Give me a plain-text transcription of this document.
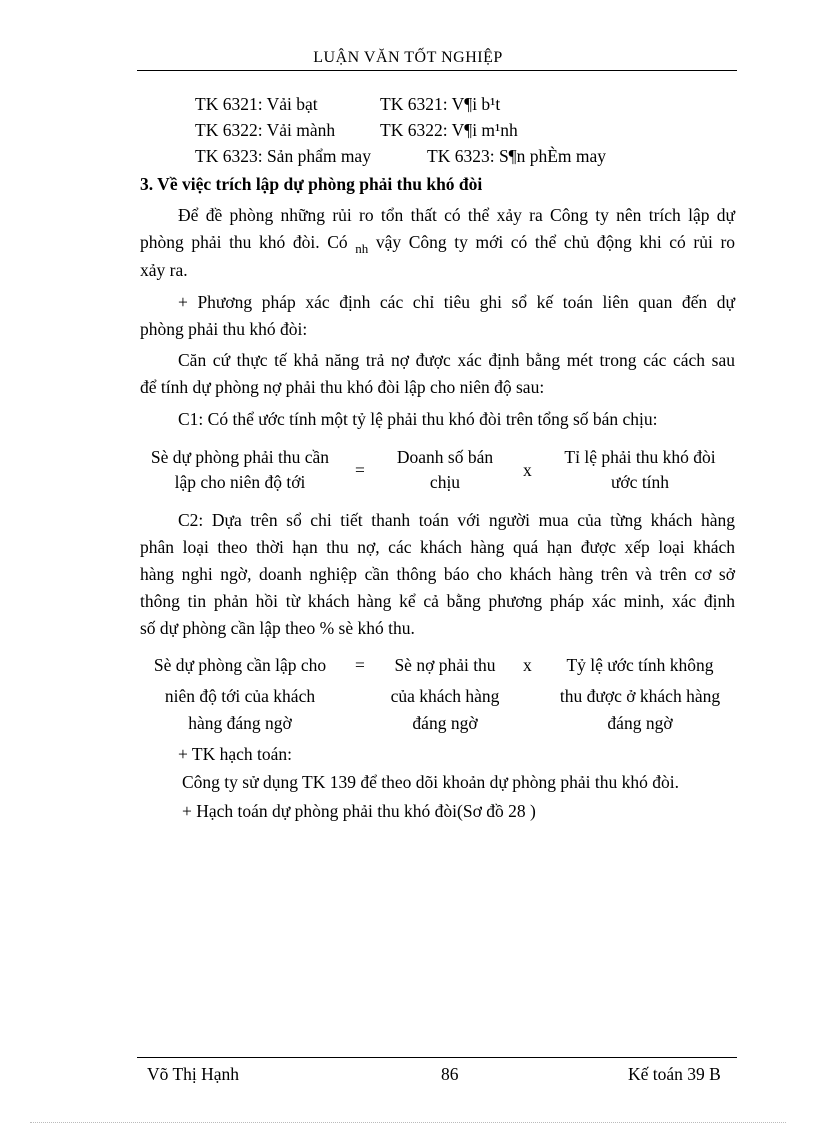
LUẬN VĂN TỐT NGHIỆP
TK 6321: Vải bạt	TK 6321: V¶i b¹t
TK 6322: Vải mành	TK 6322: V¶i m¹nh
TK 6323: Sản phẩm may	TK 6323: S¶n phÈm may
3. Về việc trích lập dự phòng phải thu khó đòi
Để đề phòng những rủi ro tổn thất có thể xảy ra Công ty nên trích lập dự
phòng phải thu khó đòi. Có $_{nh}$ vậy Công ty mới có thể chủ động khi có rủi ro
xảy ra.
+ Phương pháp xác định các chỉ tiêu ghi sổ kế toán liên quan đến dự
phòng phải thu khó đòi:
Căn cứ thực tế khả năng trả nợ được xác định bằng mét trong các cách sau
để tính dự phòng nợ phải thu khó đòi lập cho niên độ sau:
C1: Có thể ước tính một tỷ lệ phải thu khó đòi trên tổng số bán chịu:
Sè dự phòng phải thu cần
lập cho niên độ tới
=
Doanh số bán
chịu
x
Tỉ lệ phải thu khó đòi
ước tính
C2: Dựa trên sổ chi tiết thanh toán với người mua của từng khách hàng
phân loại theo thời hạn thu nợ, các khách hàng quá hạn được xếp loại khách
hàng nghi ngờ, doanh nghiệp cần thông báo cho khách hàng trên và trên cơ sở
thông tin phản hồi từ khách hàng kể cả bằng phương pháp xác minh, xác định
số dự phòng cần lập theo % sè khó thu.
Sè dự phòng cần lập cho
niên độ tới của khách
hàng đáng ngờ
=	Sè nợ phải thu
của khách hàng
đáng ngờ
x	Tỷ lệ ước tính không
thu được ở khách hàng
đáng ngờ
+ TK hạch toán:
Công ty sử dụng TK 139 để theo dõi khoản dự phòng phải thu khó đòi.
+ Hạch toán dự phòng phải thu khó đòi(Sơ đồ 28 )
Võ Thị Hạnh	86	Kế toán 39 B
